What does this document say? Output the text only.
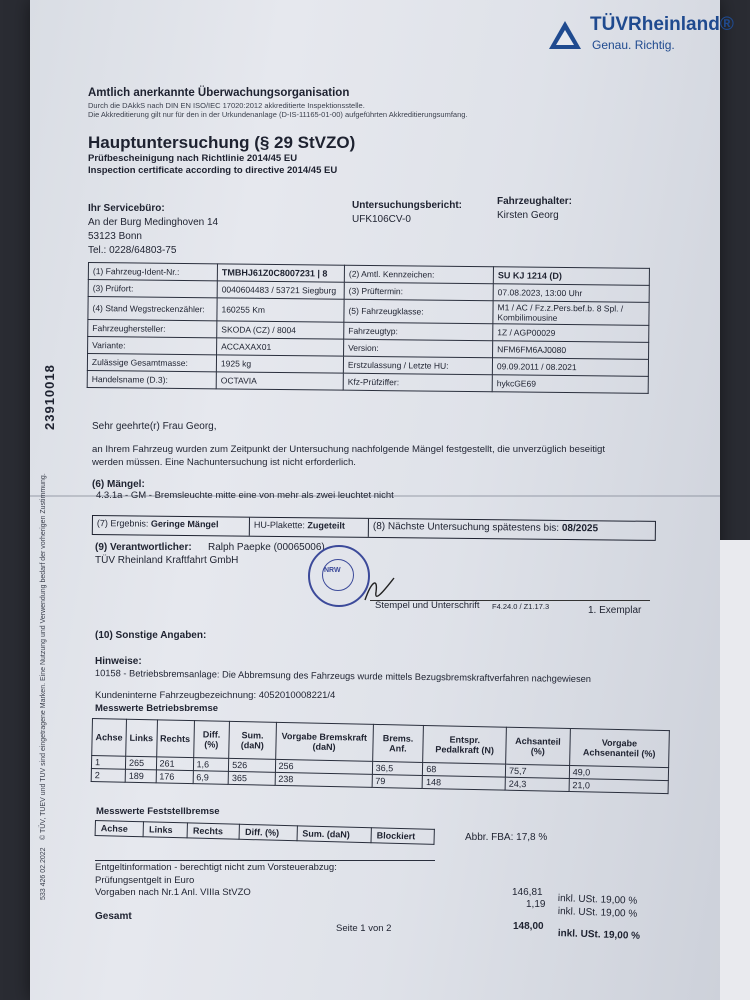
TÜVRheinland®
Genau. Richtig.
Amtlich anerkannte Überwachungsorganisation
Durch die DAkkS nach DIN EN ISO/IEC 17020:2012 akkreditierte Inspektionsstelle.
Die Akkreditierung gilt nur für den in der Urkundenanlage (D-IS-11165-01-00) aufgeführten Akkreditierungsumfang.
Hauptuntersuchung (§ 29 StVZO)
Prüfbescheinigung nach Richtlinie 2014/45 EU
Inspection certificate according to directive 2014/45 EU
Ihr Servicebüro:
An der Burg Medinghoven 14
53123 Bonn
Tel.: 0228/64803-75
Untersuchungsbericht:
UFK106CV-0
Fahrzeughalter:
Kirsten Georg
(1) Fahrzeug-Ident-Nr.:	TMBHJ61Z0C8007231 | 8	(2) Amtl. Kennzeichen:	SU KJ 1214 (D)
(3) Prüfort:	0040604483 / 53721 Siegburg	(3) Prüftermin:	07.08.2023, 13:00 Uhr
(4) Stand Wegstreckenzähler:	160255 Km	(5) Fahrzeugklasse:	M1 / AC / Fz.z.Pers.bef.b. 8 Spl. / Kombilimousine
Fahrzeughersteller:	SKODA (CZ) / 8004	Fahrzeugtyp:	1Z / AGP00029
Variante:	ACCAXAX01	Version:	NFM6FM6AJ0080
Zulässige Gesamtmasse:	1925 kg	Erstzulassung / Letzte HU:	09.09.2011 / 08.2021
Handelsname (D.3):	OCTAVIA	Kfz-Prüfziffer:	hykcGE69
Sehr geehrte(r) Frau Georg,
an Ihrem Fahrzeug wurden zum Zeitpunkt der Untersuchung nachfolgende Mängel festgestellt, die unverzüglich beseitigt
werden müssen. Eine Nachuntersuchung ist nicht erforderlich.
(6) Mängel:
4.3.1a - GM - Bremsleuchte mitte eine von mehr als zwei leuchtet nicht
(7) Ergebnis: Geringe Mängel	HU-Plakette: Zugeteilt	(8) Nächste Untersuchung spätestens bis: 08/2025
(9) Verantwortlicher: Ralph Paepke (00065006)
TÜV Rheinland Kraftfahrt GmbH
NRW
Stempel und Unterschrift F4.24.0 / Z1.17.3	1. Exemplar
(10) Sonstige Angaben:
Hinweise:
10158 - Betriebsbremsanlage: Die Abbremsung des Fahrzeugs wurde mittels Bezugsbremskraftverfahren nachgewiesen
Kundeninterne Fahrzeugbezeichnung: 4052010008221/4
Messwerte Betriebsbremse
Achse	Links	Rechts	Diff. (%)	Sum. (daN)	Vorgabe Bremskraft (daN)	Brems. Anf.	Entspr. Pedalkraft (N)	Achsanteil (%)	Vorgabe Achsenanteil (%)
1	265	261	1,6	526	256	36,5	68	75,7	49,0
2	189	176	6,9	365	238	79	148	24,3	21,0
Messwerte Feststellbremse
Achse	Links	Rechts	Diff. (%)	Sum. (daN)	Blockiert	Abbr. FBA: 17,8 %
Entgeltinformation - berechtigt nicht zum Vorsteuerabzug:
Prüfungsentgelt in Euro
Vorgaben nach Nr.1 Anl. VIIIa StVZO	146,81
inkl. USt. 19,00 %
1,19
inkl. USt. 19,00 %
Gesamt
148,00
inkl. USt. 19,00 %
Seite 1 von 2
23910018
© TÜV, TUEV und TUV sind eingetragene Marken. Eine Nutzung und Verwendung bedarf der vorherigen Zustimmung.
533 426 02.2022
